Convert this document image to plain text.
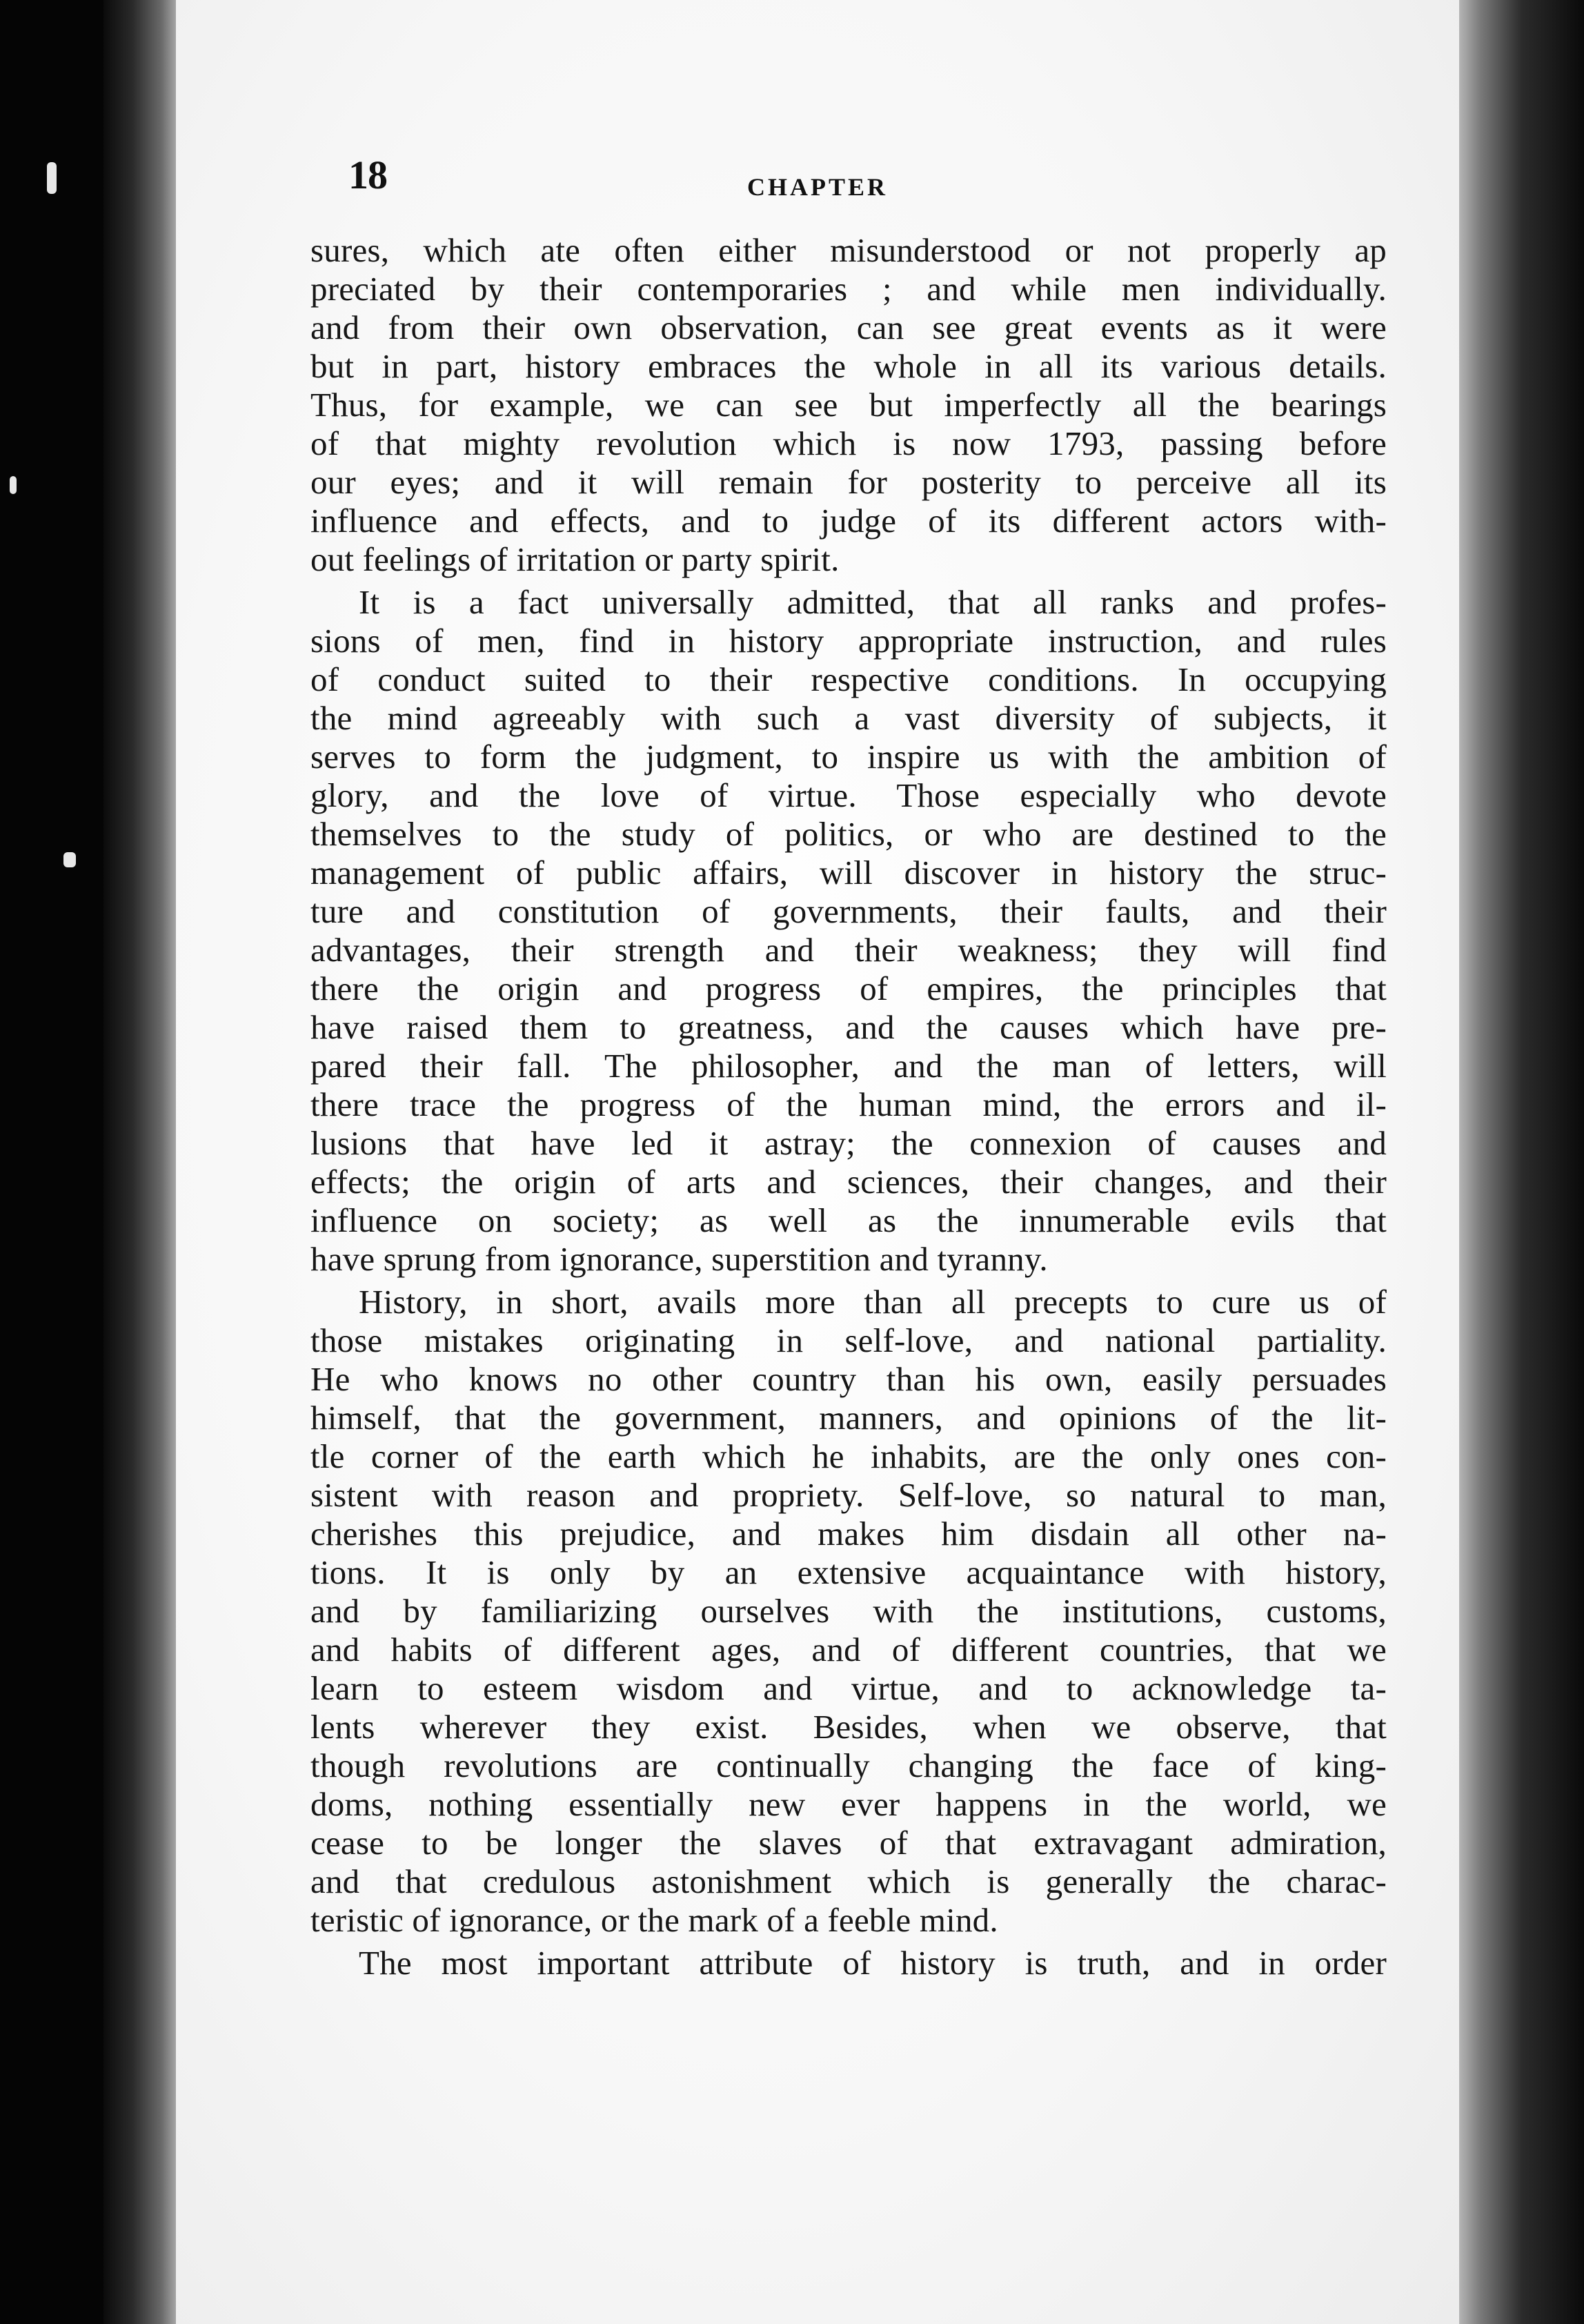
18	CHAPTER
sures, which ate often either misunderstood or not properly ap
preciated by their contemporaries ; and while men individually.
and from their own observation, can see great events as it were
but in part, history embraces the whole in all its various details.
Thus, for example, we can see but imperfectly all the bearings
of that mighty revolution which is now 1793, passing before
our eyes; and it will remain for posterity to perceive all its
influence and effects, and to judge of its different actors with-
out feelings of irritation or party spirit.
It is a fact universally admitted, that all ranks and profes-
sions of men, find in history appropriate instruction, and rules
of conduct suited to their respective conditions. In occupying
the mind agreeably with such a vast diversity of subjects, it
serves to form the judgment, to inspire us with the ambition of
glory, and the love of virtue. Those especially who devote
themselves to the study of politics, or who are destined to the
management of public affairs, will discover in history the struc-
ture and constitution of governments, their faults, and their
advantages, their strength and their weakness; they will find
there the origin and progress of empires, the principles that
have raised them to greatness, and the causes which have pre-
pared their fall. The philosopher, and the man of letters, will
there trace the progress of the human mind, the errors and il-
lusions that have led it astray; the connexion of causes and
effects; the origin of arts and sciences, their changes, and their
influence on society; as well as the innumerable evils that
have sprung from ignorance, superstition and tyranny.
History, in short, avails more than all precepts to cure us of
those mistakes originating in self-love, and national partiality.
He who knows no other country than his own, easily persuades
himself, that the government, manners, and opinions of the lit-
tle corner of the earth which he inhabits, are the only ones con-
sistent with reason and propriety. Self-love, so natural to man,
cherishes this prejudice, and makes him disdain all other na-
tions. It is only by an extensive acquaintance with history,
and by familiarizing ourselves with the institutions, customs,
and habits of different ages, and of different countries, that we
learn to esteem wisdom and virtue, and to acknowledge ta-
lents wherever they exist. Besides, when we observe, that
though revolutions are continually changing the face of king-
doms, nothing essentially new ever happens in the world, we
cease to be longer the slaves of that extravagant admiration,
and that credulous astonishment which is generally the charac-
teristic of ignorance, or the mark of a feeble mind.
The most important attribute of history is truth, and in order
